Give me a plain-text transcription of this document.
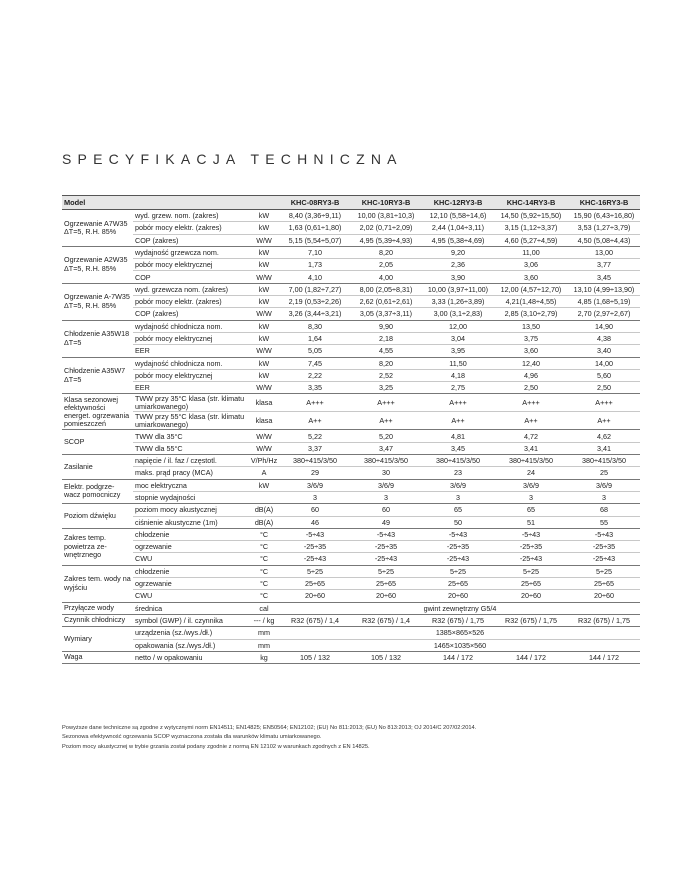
SPECYFIKACJA TECHNICZNA
Model			KHC-08RY3-B	KHC-10RY3-B	KHC-12RY3-B	KHC-14RY3-B	KHC-16RY3-B
Ogrzewanie A7W35 ΔT=5, R.H. 85%	wyd. grzew. nom. (zakres)	kW	8,40 (3,36÷9,11)	10,00 (3,81÷10,3)	12,10 (5,58÷14,6)	14,50 (5,92÷15,50)	15,90 (6,43÷16,80)
	pobór mocy elektr. (zakres)	kW	1,63 (0,61÷1,80)	2,02 (0,71÷2,09)	2,44 (1,04÷3,11)	3,15 (1,12÷3,37)	3,53 (1,27÷3,79)
	COP (zakres)	W/W	5,15 (5,54÷5,07)	4,95 (5,39÷4,93)	4,95 (5,38÷4,69)	4,60 (5,27÷4,59)	4,50 (5,08÷4,43)
Ogrzewanie A2W35 ΔT=5, R.H. 85%	wydajność grzewcza nom.	kW	7,10	8,20	9,20	11,00	13,00
	pobór mocy elektrycznej	kW	1,73	2,05	2,36	3,06	3,77
	COP	W/W	4,10	4,00	3,90	3,60	3,45
Ogrzewanie A-7W35 ΔT=5, R.H. 85%	wyd. grzewcza nom. (zakres)	kW	7,00 (1,82÷7,27)	8,00 (2,05÷8,31)	10,00 (3,97÷11,00)	12,00 (4,57÷12,70)	13,10 (4,99÷13,90)
	pobór mocy elektr. (zakres)	kW	2,19 (0,53÷2,26)	2,62 (0,61÷2,61)	3,33 (1,26÷3,89)	4,21(1,48÷4,55)	4,85 (1,68÷5,19)
	COP (zakres)	W/W	3,26 (3,44÷3,21)	3,05 (3,37÷3,11)	3,00 (3,1÷2,83)	2,85 (3,10÷2,79)	2,70 (2,97÷2,67)
Chłodzenie A35W18 ΔT=5	wydajność chłodnicza nom.	kW	8,30	9,90	12,00	13,50	14,90
	pobór mocy elektrycznej	kW	1,64	2,18	3,04	3,75	4,38
	EER	W/W	5,05	4,55	3,95	3,60	3,40
Chłodzenie A35W7 ΔT=5	wydajność chłodnicza nom.	kW	7,45	8,20	11,50	12,40	14,00
	pobór mocy elektrycznej	kW	2,22	2,52	4,18	4,96	5,60
	EER	W/W	3,35	3,25	2,75	2,50	2,50
Klasa sezonowej efektywności energet. ogrzewania pomieszczeń	TWW przy 35°C klasa (str. klimatu umiarkowanego)	klasa	A+++	A+++	A+++	A+++	A+++
	TWW przy 55°C klasa (str. klimatu umiarkowanego)	klasa	A++	A++	A++	A++	A++
SCOP	TWW dla 35°C	W/W	5,22	5,20	4,81	4,72	4,62
	TWW dla 55°C	W/W	3,37	3,47	3,45	3,41	3,41
Zasilanie	napięcie / il. faz / częstotl.	V/Ph/Hz	380÷415/3/50	380÷415/3/50	380÷415/3/50	380÷415/3/50	380÷415/3/50
	maks. prąd pracy (MCA)	A	29	30	23	24	25
Elektr. podgrze- wacz pomocniczy	moc elektryczna	kW	3/6/9	3/6/9	3/6/9	3/6/9	3/6/9
	stopnie wydajności		3	3	3	3	3
Poziom dźwięku	poziom mocy akustycznej	dB(A)	60	60	65	65	68
	ciśnienie akustyczne (1m)	dB(A)	46	49	50	51	55
Zakres temp. powietrza ze- wnętrznego	chłodzenie	°C	-5÷43	-5÷43	-5÷43	-5÷43	-5÷43
	ogrzewanie	°C	-25÷35	-25÷35	-25÷35	-25÷35	-25÷35
	CWU	°C	-25÷43	-25÷43	-25÷43	-25÷43	-25÷43
Zakres tem. wody na wyjściu	chłodzenie	°C	5÷25	5÷25	5÷25	5÷25	5÷25
	ogrzewanie	°C	25÷65	25÷65	25÷65	25÷65	25÷65
	CWU	°C	20÷60	20÷60	20÷60	20÷60	20÷60
Przyłącze wody	średnica	cal	gwint zewnętrzny G5/4				
Czynnik chłodniczy	symbol (GWP) / il. czynnika	--- / kg	R32 (675) / 1,4	R32 (675) / 1,4	R32 (675) / 1,75	R32 (675) / 1,75	R32 (675) / 1,75
Wymiary	urządzenia (sz./wys./dł.)	mm	1385×865×526				
	opakowania (sz./wys./dł.)	mm	1465×1035×560				
Waga	netto / w opakowaniu	kg	105 / 132	105 / 132	144 / 172	144 / 172	144 / 172
Powyższe dane techniczne są zgodne z wytycznymi norm EN14511; EN14825; EN50564; EN12102; (EU) No 811:2013; (EU) No 813:2013; OJ 2014/C 207/02:2014.
Sezonowa efektywność ogrzewania SCOP wyznaczona została dla warunków klimatu umiarkowanego.
Poziom mocy akustycznej w trybie grzania został podany zgodnie z normą EN 12102 w warunkach zgodnych z EN 14825.
